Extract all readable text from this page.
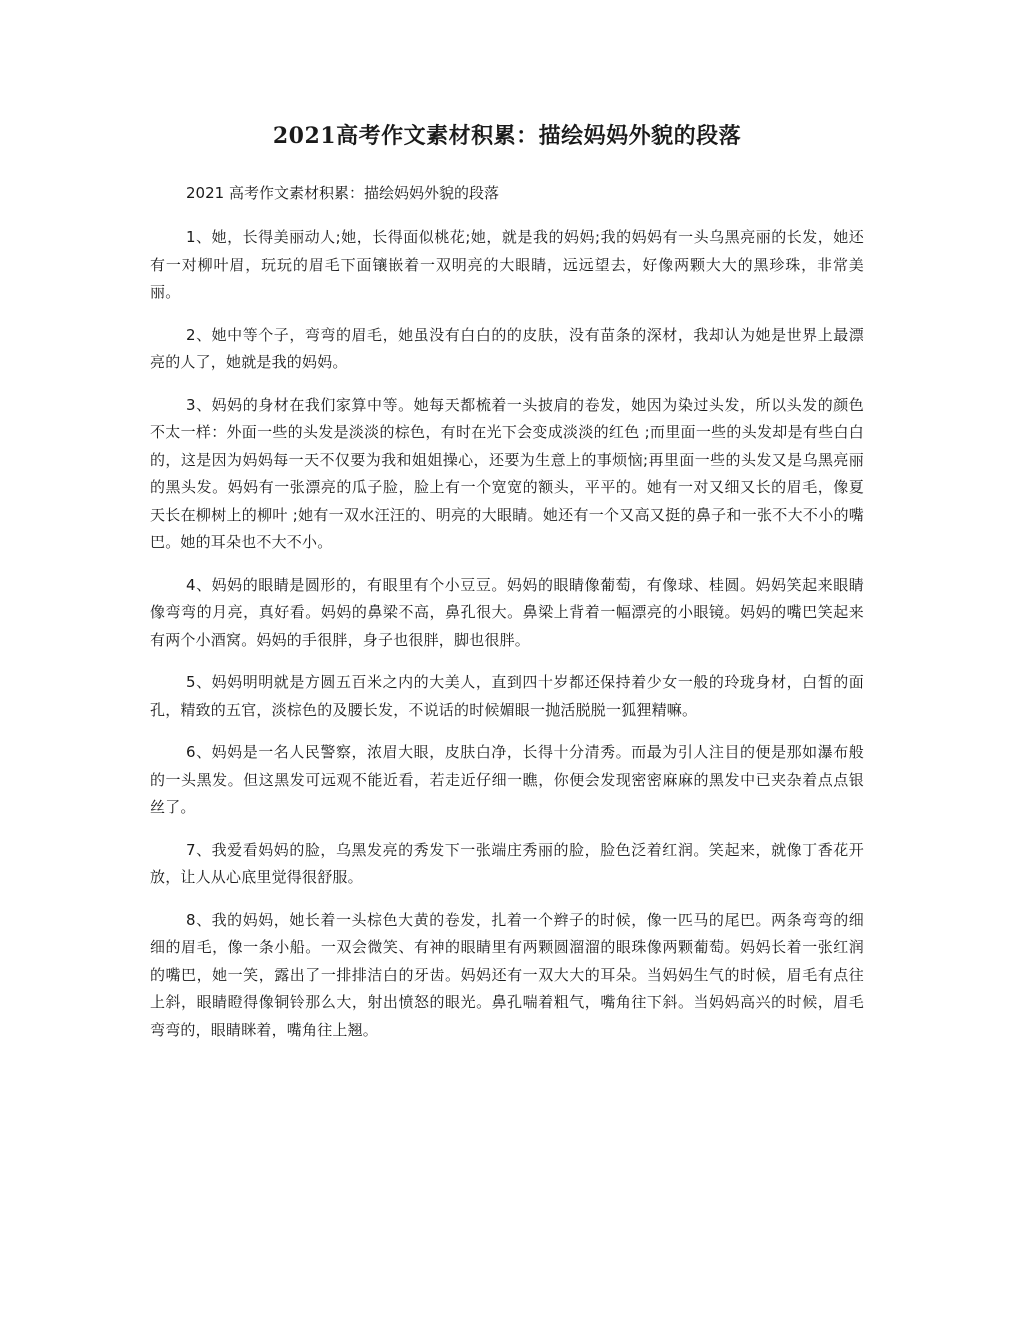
2021高考作文素材积累：描绘妈妈外貌的段落

2021 高考作文素材积累：描绘妈妈外貌的段落

1、她，长得美丽动人;她，长得面似桃花;她，就是我的妈妈;我的妈妈有一头乌黑亮丽的长发，她还有一对柳叶眉，玩玩的眉毛下面镶嵌着一双明亮的大眼睛，远远望去，好像两颗大大的黑珍珠，非常美丽。

2、她中等个子，弯弯的眉毛，她虽没有白白的的皮肤，没有苗条的深材，我却认为她是世界上最漂亮的人了，她就是我的妈妈。

3、妈妈的身材在我们家算中等。她每天都梳着一头披肩的卷发，她因为染过头发，所以头发的颜色不太一样：外面一些的头发是淡淡的棕色，有时在光下会变成淡淡的红色 ;而里面一些的头发却是有些白白的，这是因为妈妈每一天不仅要为我和姐姐操心，还要为生意上的事烦恼;再里面一些的头发又是乌黑亮丽的黑头发。妈妈有一张漂亮的瓜子脸，脸上有一个宽宽的额头，平平的。她有一对又细又长的眉毛，像夏天长在柳树上的柳叶 ;她有一双水汪汪的、明亮的大眼睛。她还有一个又高又挺的鼻子和一张不大不小的嘴巴。她的耳朵也不大不小。

4、妈妈的眼睛是圆形的，有眼里有个小豆豆。妈妈的眼睛像葡萄，有像球、桂圆。妈妈笑起来眼睛像弯弯的月亮，真好看。妈妈的鼻梁不高，鼻孔很大。鼻梁上背着一幅漂亮的小眼镜。妈妈的嘴巴笑起来有两个小酒窝。妈妈的手很胖，身子也很胖，脚也很胖。

5、妈妈明明就是方圆五百米之内的大美人，直到四十岁都还保持着少女一般的玲珑身材，白皙的面孔，精致的五官，淡棕色的及腰长发，不说话的时候媚眼一抛活脱脱一狐狸精嘛。

6、妈妈是一名人民警察，浓眉大眼，皮肤白净，长得十分清秀。而最为引人注目的便是那如瀑布般的一头黑发。但这黑发可远观不能近看，若走近仔细一瞧，你便会发现密密麻麻的黑发中已夹杂着点点银丝了。

7、我爱看妈妈的脸，乌黑发亮的秀发下一张端庄秀丽的脸，脸色泛着红润。笑起来，就像丁香花开放，让人从心底里觉得很舒服。

8、我的妈妈，她长着一头棕色大黄的卷发，扎着一个辫子的时候，像一匹马的尾巴。两条弯弯的细细的眉毛，像一条小船。一双会微笑、有神的眼睛里有两颗圆溜溜的眼珠像两颗葡萄。妈妈长着一张红润的嘴巴，她一笑，露出了一排排洁白的牙齿。妈妈还有一双大大的耳朵。当妈妈生气的时候，眉毛有点往上斜，眼睛瞪得像铜铃那么大，射出愤怒的眼光。鼻孔喘着粗气，嘴角往下斜。当妈妈高兴的时候，眉毛弯弯的，眼睛眯着，嘴角往上翘。
